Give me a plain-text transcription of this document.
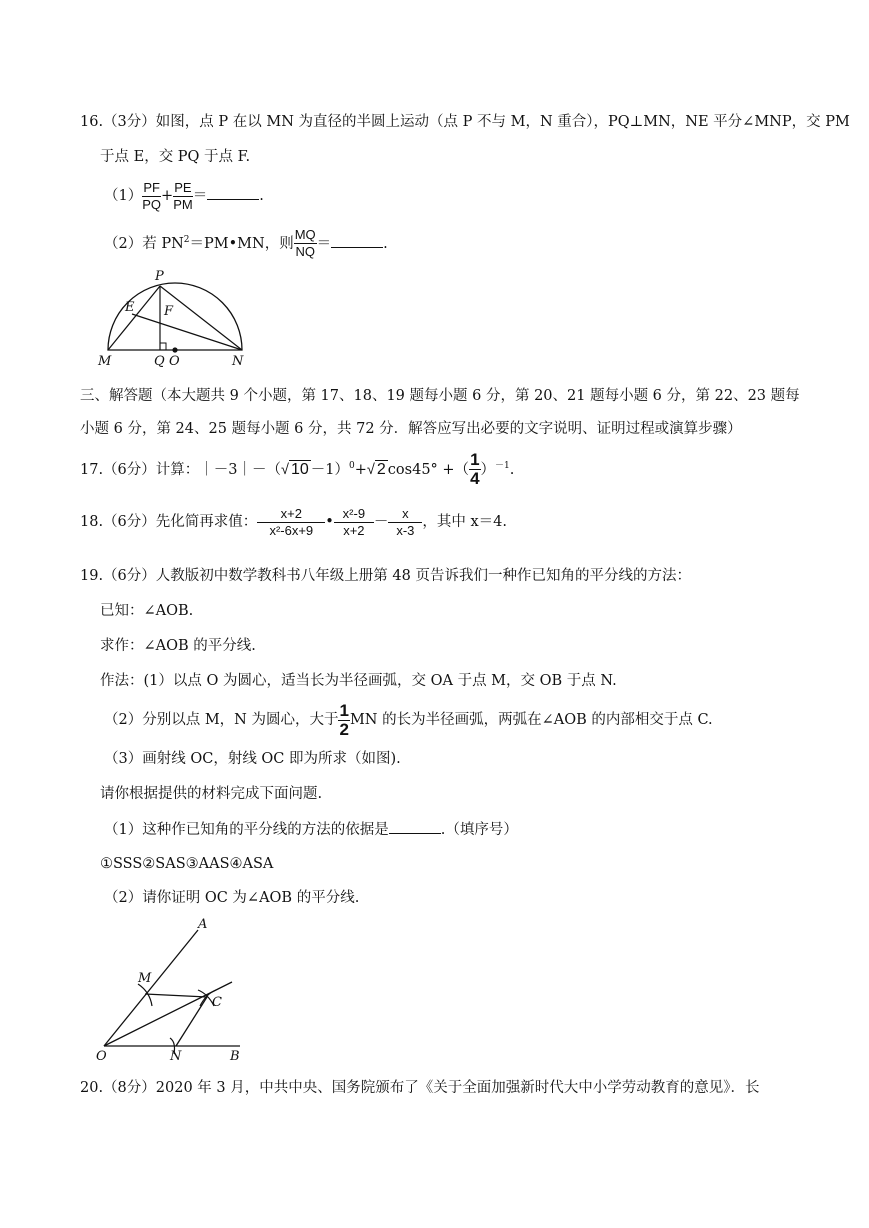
16.（3分）如图，点 P 在以 MN 为直径的半圆上运动（点 P 不与 M，N 重合），PQ⊥MN，NE 平分∠MNP，交 PM
于点 E，交 PQ 于点 F.
$(1) \frac{PF}{PQ} + \frac{PE}{PM}$ ＝	.
（2）若 $PN^2=PM•MN$，则 $\frac{MQ}{NQ}$ ＝	.
P
E F
M	Q O	N
三、解答题（本大题共 9 个小题，第 17、18、19 题每小题 6 分，第 20、21 题每小题 6 分，第 22、23 题每
小题 6 分，第 24、25 题每小题 6 分，共 72 分．解答应写出必要的文字说明、证明过程或演算步骤）
17.（6分）计算：｜－3｜－（√ 10 －1）$^0$+√ 2 cos45° +（ $\frac{1}{4} )^{-1}$.
18.（6分）先化简再求值： $\frac{x+2}{\text{x²-6x+9}}$ • $\frac{\text{x²-9}}{x+2} - \frac{x}{x-3}$ ，其中 x＝4.
19.（6分）人教版初中数学教科书八年级上册第 48 页告诉我们一种作已知角的平分线的方法：
已知：∠AOB.
求作：∠AOB 的平分线.
作法：(1）以点 O 为圆心，适当长为半径画弧，交 OA 于点 M，交 OB 于点 N.
（2）分别以点 M，N 为圆心，大于 $\frac{1}{2}$ MN 的长为半径画弧，两弧在∠AOB 的内部相交于点 C.
（3）画射线 OC，射线 OC 即为所求（如图).
请你根据提供的材料完成下面问题.
（1）这种作已知角的平分线的方法的依据是	.（填序号）
①SSS②SAS③AAS④ASA
（2）请你证明 OC 为∠AOB 的平分线.
A
M
C
O	N	B
20.（8分）2020 年 3 月，中共中央、国务院颁布了《关于全面加强新时代大中小学劳动教育的意见》．长
